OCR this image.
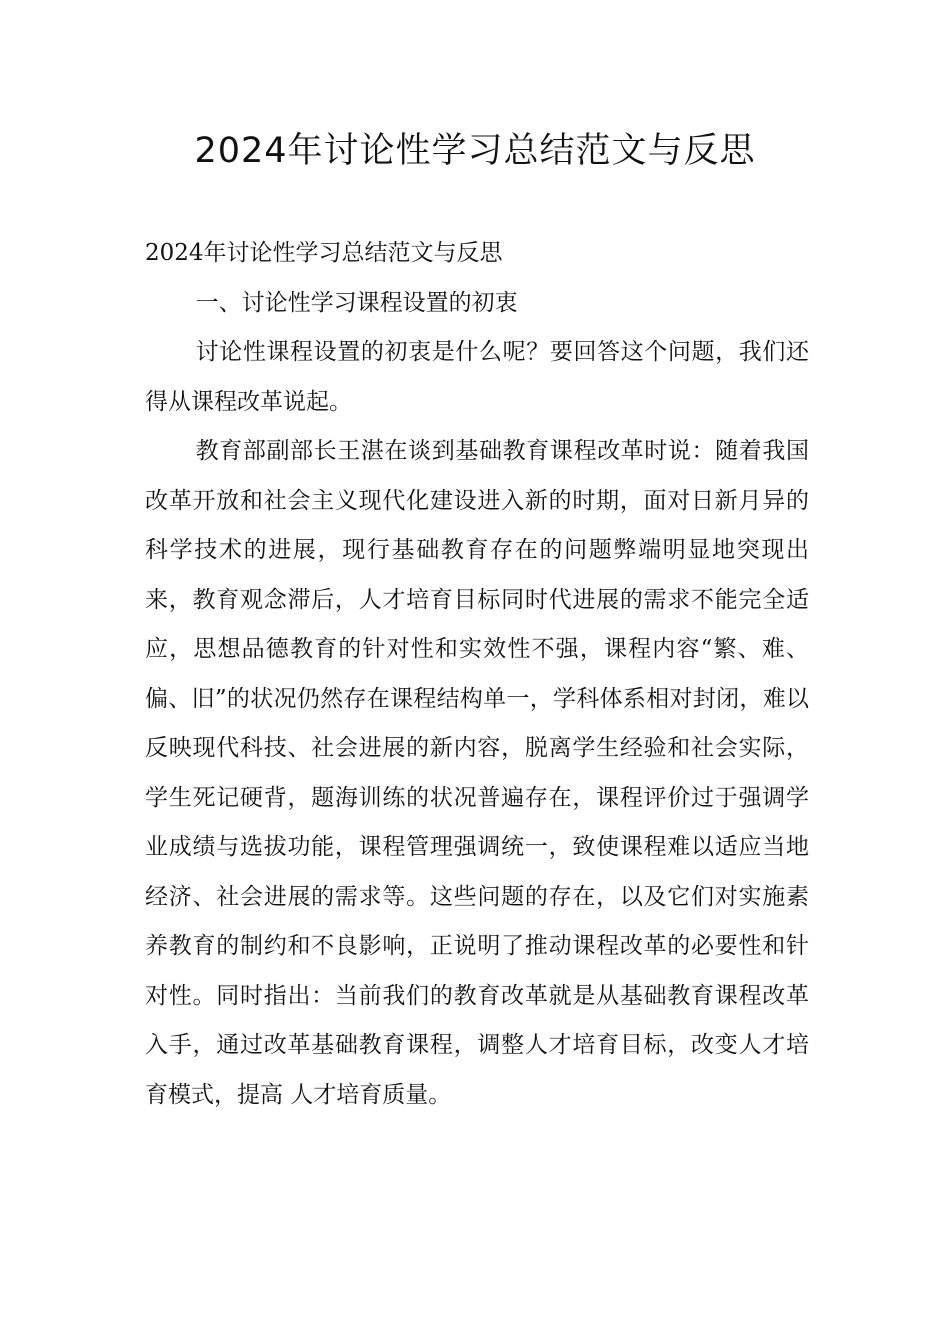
2024年讨论性学习总结范文与反思

2024年讨论性学习总结范文与反思

一、讨论性学习课程设置的初衷

讨论性课程设置的初衷是什么呢？要回答这个问题，我们还得从课程改革说起。

教育部副部长王湛在谈到基础教育课程改革时说：随着我国改革开放和社会主义现代化建设进入新的时期，面对日新月异的科学技术的进展，现行基础教育存在的问题弊端明显地突现出来，教育观念滞后，人才培育目标同时代进展的需求不能完全适应，思想品德教育的针对性和实效性不强，课程内容“繁、难、偏、旧”的状况仍然存在课程结构单一，学科体系相对封闭，难以反映现代科技、社会进展的新内容，脱离学生经验和社会实际，学生死记硬背，题海训练的状况普遍存在，课程评价过于强调学业成绩与选拔功能，课程管理强调统一，致使课程难以适应当地经济、社会进展的需求等。这些问题的存在，以及它们对实施素养教育的制约和不良影响，正说明了推动课程改革的必要性和针对性。同时指出：当前我们的教育改革就是从基础教育课程改革入手，通过改革基础教育课程，调整人才培育目标，改变人才培育模式，提高 人才培育质量。
